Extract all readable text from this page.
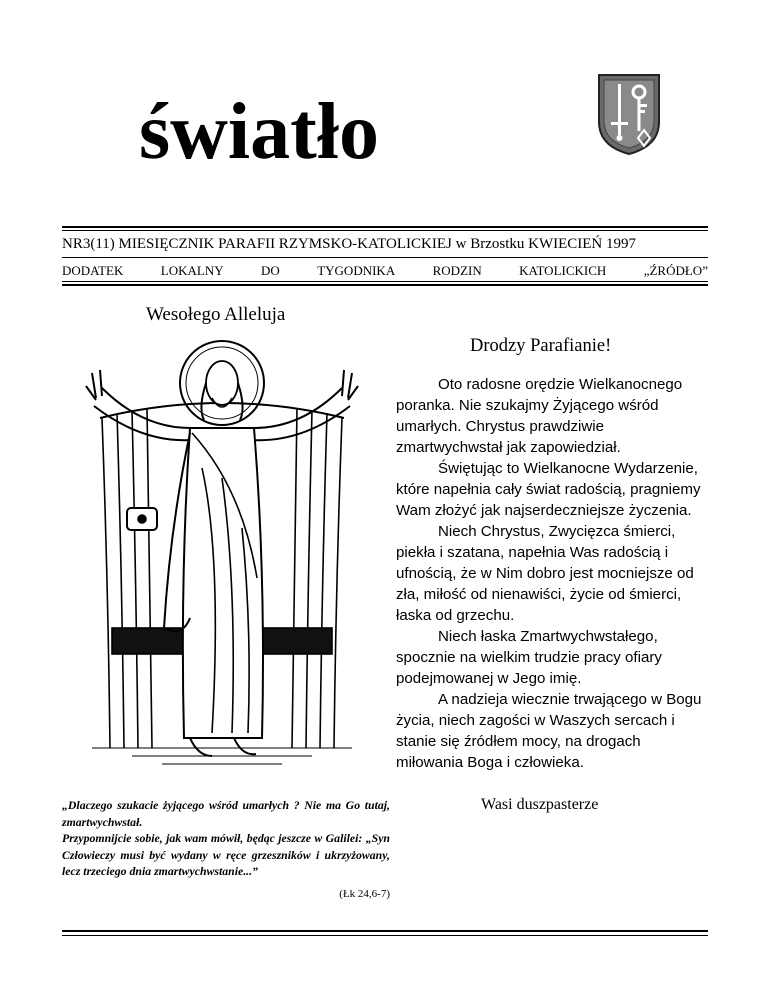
światło
NR3(11) MIESIĘCZNIK PARAFII RZYMSKO-KATOLICKIEJ w Brzostku KWIECIEŃ 1997
DODATEK	LOKALNY	DO	TYGODNIKA	RODZIN	KATOLICKICH	„ŹRÓDŁO”
Wesołego Alleluja

„Dlaczego szukacie żyjącego wśród umarłych ? Nie ma Go tutaj, zmartwychwstał.

Przypomnijcie sobie, jak wam mówił, będąc jeszcze w Galilei: „Syn Człowieczy musi być wydany w ręce grzeszników i ukrzyżowany, lecz trzeciego dnia zmartwychwstanie...”

(Łk 24,6-7)
Drodzy Parafianie!

Oto radosne orędzie Wielkanocnego poranka. Nie szukajmy Żyjącego wśród umarłych. Chrystus prawdziwie zmartwychwstał jak zapowiedział.

Świętując to Wielkanocne Wydarzenie, które napełnia cały świat radością, pragniemy Wam złożyć jak najserdeczniejsze życzenia.

Niech Chrystus, Zwycięzca śmierci, piekła i szatana, napełnia Was radością i ufnością, że w Nim dobro jest mocniejsze od zła, miłość od nienawiści, życie od śmierci, łaska od grzechu.

Niech łaska Zmartwychwstałego, spocznie na wielkim trudzie pracy ofiary podejmowanej w Jego imię.

A nadzieja wiecznie trwającego w Bogu życia, niech zagości w Waszych sercach i stanie się źródłem mocy, na drogach miłowania Boga i człowieka.

Wasi duszpasterze
